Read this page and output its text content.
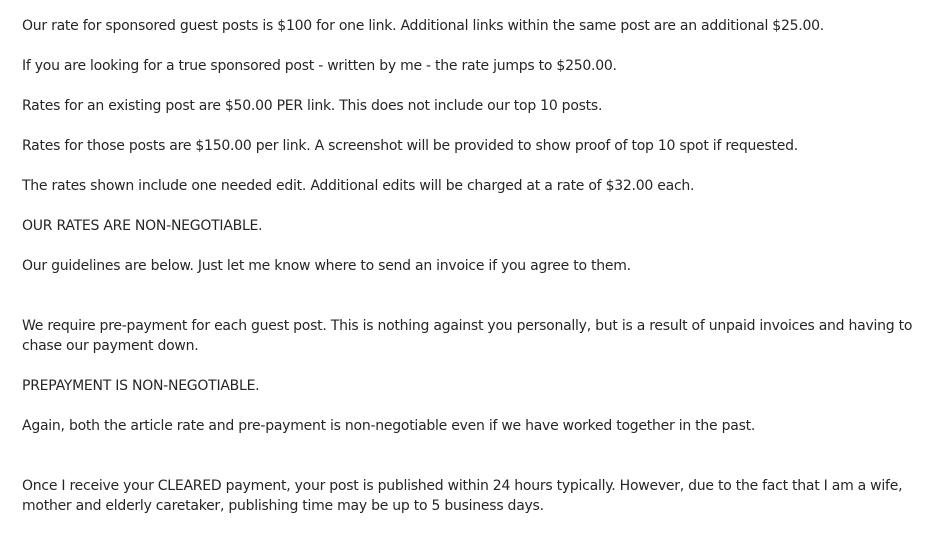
Our rate for sponsored guest posts is $100 for one link. Additional links within the same post are an additional $25.00.

If you are looking for a true sponsored post - written by me - the rate jumps to $250.00.

Rates for an existing post are $50.00 PER link. This does not include our top 10 posts.

Rates for those posts are $150.00 per link. A screenshot will be provided to show proof of top 10 spot if requested.

The rates shown include one needed edit. Additional edits will be charged at a rate of $32.00 each.

OUR RATES ARE NON-NEGOTIABLE.

Our guidelines are below. Just let me know where to send an invoice if you agree to them.

We require pre-payment for each guest post. This is nothing against you personally, but is a result of unpaid invoices and having to chase our payment down.

PREPAYMENT IS NON-NEGOTIABLE.

Again, both the article rate and pre-payment is non-negotiable even if we have worked together in the past.

Once I receive your CLEARED payment, your post is published within 24 hours typically. However, due to the fact that I am a wife, mother and elderly caretaker, publishing time may be up to 5 business days.
